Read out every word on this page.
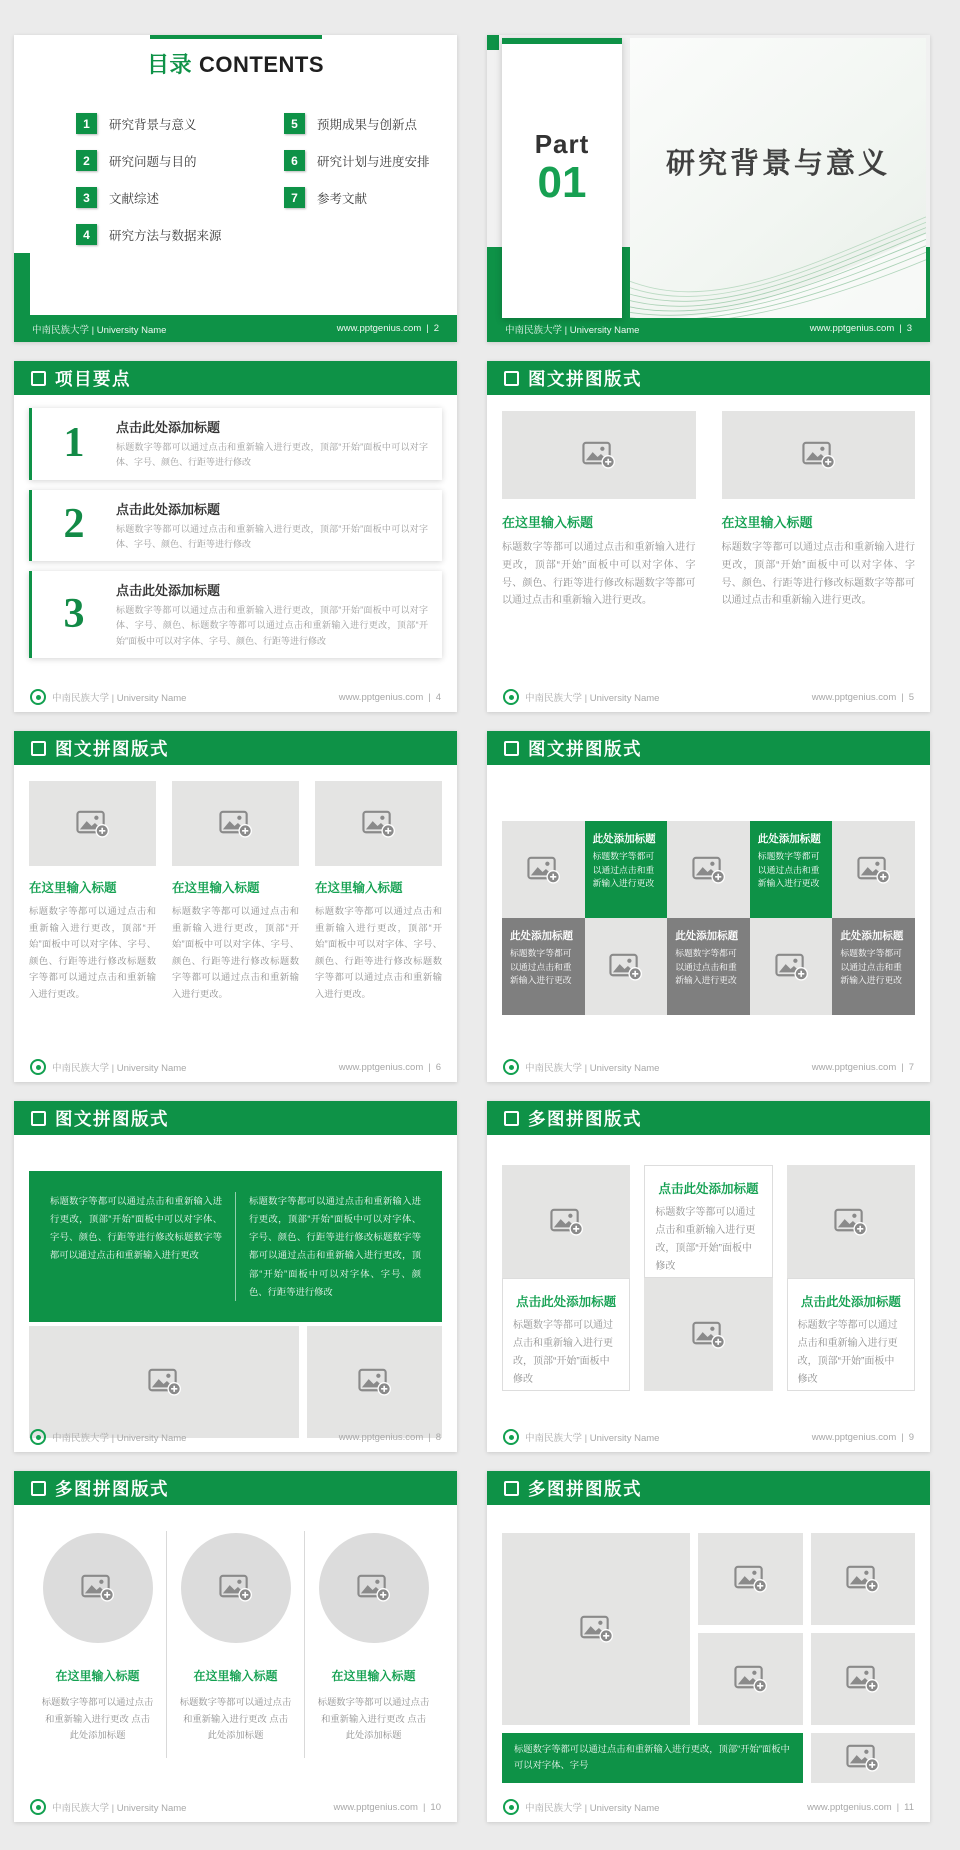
目录 CONTENTS
1	研究背景与意义
2	研究问题与目的
3	文献综述
4	研究方法与数据来源
5	预期成果与创新点
6	研究计划与进度安排
7	参考文献
中南民族大学 | University Name	www.pptgenius.com | 2
Part
01	研究背景与意义
中南民族大学 | University Name	www.pptgenius.com | 3
项目要点
1	点击此处添加标题
标题数字等都可以通过点击和重新输入进行更改，顶部“开始”面板中可以对字体、字号、颜色、行距等进行修改
2	点击此处添加标题
标题数字等都可以通过点击和重新输入进行更改，顶部“开始”面板中可以对字体、字号、颜色、行距等进行修改
3	点击此处添加标题
标题数字等都可以通过点击和重新输入进行更改，顶部“开始”面板中可以对字体、字号、颜色、标题数字等都可以通过点击和重新输入进行更改，顶部“开始”面板中可以对字体、字号、颜色、行距等进行修改
中南民族大学 | University Name	www.pptgenius.com | 4
图文拼图版式
在这里输入标题
标题数字等都可以通过点击和重新输入进行更改，顶部“开始”面板中可以对字体、字号、颜色、行距等进行修改标题数字等都可以通过点击和重新输入进行更改。
在这里输入标题
标题数字等都可以通过点击和重新输入进行更改，顶部“开始”面板中可以对字体、字号、颜色、行距等进行修改标题数字等都可以通过点击和重新输入进行更改。
中南民族大学 | University Name	www.pptgenius.com | 5
图文拼图版式
在这里输入标题
标题数字等都可以通过点击和重新输入进行更改，顶部“开始”面板中可以对字体、字号、颜色、行距等进行修改标题数字等都可以通过点击和重新输入进行更改。
在这里输入标题
标题数字等都可以通过点击和重新输入进行更改，顶部“开始”面板中可以对字体、字号、颜色、行距等进行修改标题数字等都可以通过点击和重新输入进行更改。
在这里输入标题
标题数字等都可以通过点击和重新输入进行更改，顶部“开始”面板中可以对字体、字号、颜色、行距等进行修改标题数字等都可以通过点击和重新输入进行更改。
中南民族大学 | University Name	www.pptgenius.com | 6
图文拼图版式
此处添加标题
标题数字等都可以通过点击和重新输入进行更改
此处添加标题
标题数字等都可以通过点击和重新输入进行更改
此处添加标题
标题数字等都可以通过点击和重新输入进行更改
此处添加标题
标题数字等都可以通过点击和重新输入进行更改
此处添加标题
标题数字等都可以通过点击和重新输入进行更改
中南民族大学 | University Name	www.pptgenius.com | 7
图文拼图版式
标题数字等都可以通过点击和重新输入进行更改，顶部“开始”面板中可以对字体、字号、颜色、行距等进行修改标题数字等都可以通过点击和重新输入进行更改
标题数字等都可以通过点击和重新输入进行更改，顶部“开始”面板中可以对字体、字号、颜色、行距等进行修改标题数字等都可以通过点击和重新输入进行更改，顶部“开始”面板中可以对字体、字号、颜色、行距等进行修改
中南民族大学 | University Name	www.pptgenius.com | 8
多图拼图版式
点击此处添加标题
标题数字等都可以通过点击和重新输入进行更改，顶部“开始”面板中修改
点击此处添加标题
标题数字等都可以通过点击和重新输入进行更改，顶部“开始”面板中修改
点击此处添加标题
标题数字等都可以通过点击和重新输入进行更改，顶部“开始”面板中修改
中南民族大学 | University Name	www.pptgenius.com | 9
多图拼图版式
在这里输入标题
标题数字等都可以通过点击和重新输入进行更改 点击此处添加标题
在这里输入标题
标题数字等都可以通过点击和重新输入进行更改 点击此处添加标题
在这里输入标题
标题数字等都可以通过点击和重新输入进行更改 点击此处添加标题
中南民族大学 | University Name	www.pptgenius.com | 10
多图拼图版式
标题数字等都可以通过点击和重新输入进行更改，顶部“开始”面板中可以对字体、字号
中南民族大学 | University Name	www.pptgenius.com | 11
